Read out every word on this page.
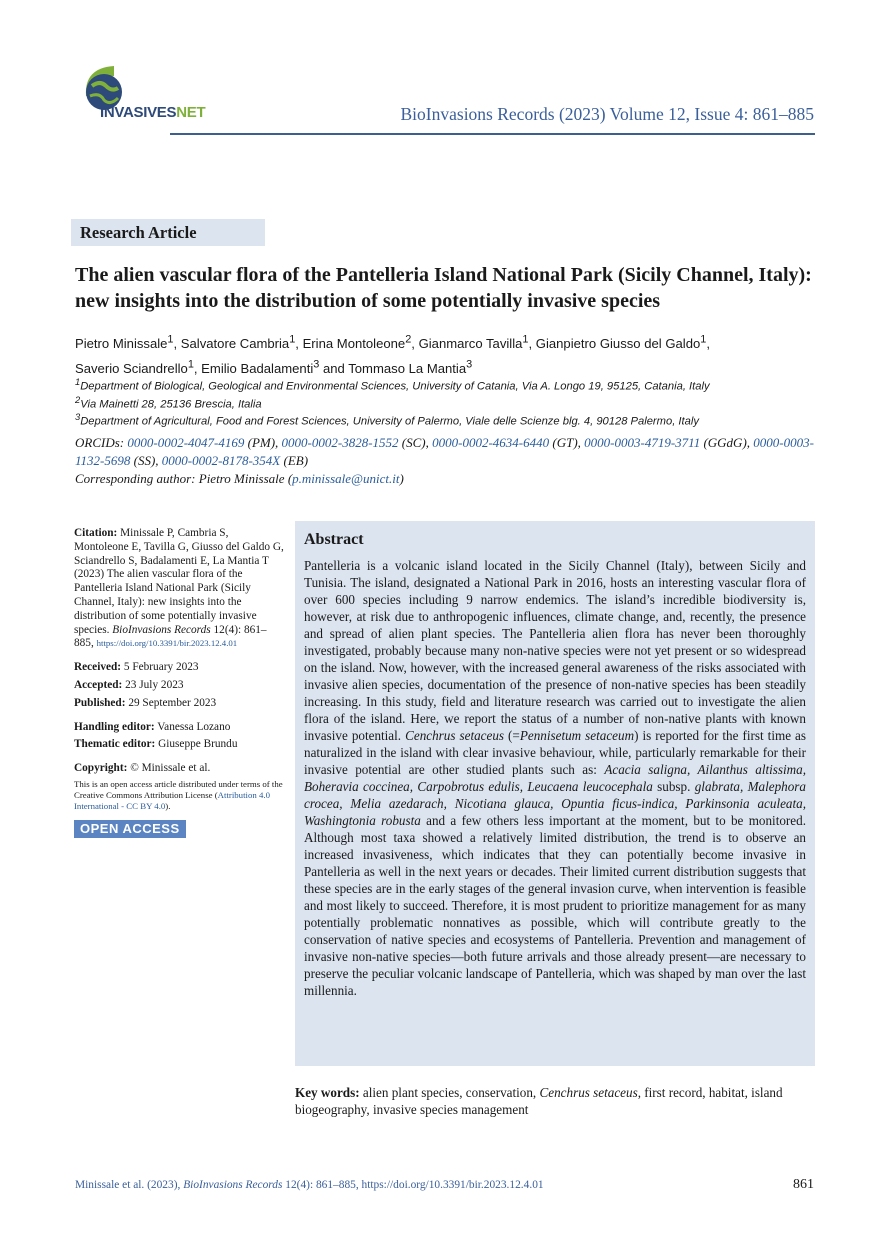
INVASIVESNET	BioInvasions Records (2023) Volume 12, Issue 4: 861–885
Research Article
The alien vascular flora of the Pantelleria Island National Park (Sicily Channel, Italy): new insights into the distribution of some potentially invasive species
Pietro Minissale$^1$, Salvatore Cambria$^1$, Erina Montoleone$^2$, Gianmarco Tavilla$^1$, Gianpietro Giusso del Galdo$^1$,
Saverio Sciandrello$^1$, Emilio Badalamenti$^3$ and Tommaso La Mantia$^3$
$^1$Department of Biological, Geological and Environmental Sciences, University of Catania, Via A. Longo 19, 95125, Catania, Italy
$^2$Via Mainetti 28, 25136 Brescia, Italia
$^3$Department of Agricultural, Food and Forest Sciences, University of Palermo, Viale delle Scienze blg. 4, 90128 Palermo, Italy
ORCIDs: 0000-0002-4047-4169 (PM), 0000-0002-3828-1552 (SC), 0000-0002-4634-6440 (GT), 0000-0003-4719-3711 (GGdG), 0000-0003-1132-5698 (SS), 0000-0002-8178-354X (EB)
Corresponding author: Pietro Minissale (p.minissale@unict.it)
Citation: Minissale P, Cambria S, Montoleone E, Tavilla G, Giusso del Galdo G, Sciandrello S, Badalamenti E, La Mantia T (2023) The alien vascular flora of the Pantelleria Island National Park (Sicily Channel, Italy): new insights into the distribution of some potentially invasive species. BioInvasions Records 12(4): 861–885, https://doi.org/10.3391/bir.2023.12.4.01
Received: 5 February 2023
Accepted: 23 July 2023
Published: 29 September 2023
Handling editor: Vanessa Lozano
Thematic editor: Giuseppe Brundu
Copyright: © Minissale et al.
This is an open access article distributed under terms of the Creative Commons Attribution License (Attribution 4.0 International - CC BY 4.0).
OPEN ACCESS

Abstract

Pantelleria is a volcanic island located in the Sicily Channel (Italy), between Sicily and Tunisia. The island, designated a National Park in 2016, hosts an interesting vascular flora of over 600 species including 9 narrow endemics. The island’s incredible biodiversity is, however, at risk due to anthropogenic influences, climate change, and, recently, the presence and spread of alien plant species. The Pantelleria alien flora has never been thoroughly investigated, probably because many non-native species were not yet present or so widespread on the island. Now, however, with the increased general awareness of the risks associated with invasive alien species, documentation of the presence of non-native species has been steadily increasing. In this study, field and literature research was carried out to investigate the alien flora of the island. Here, we report the status of a number of non-native plants with known invasive potential. Cenchrus setaceus (=Pennisetum setaceum) is reported for the first time as naturalized in the island with clear invasive behaviour, while, particularly remarkable for their invasive potential are other studied plants such as: Acacia saligna, Ailanthus altissima, Boheravia coccinea, Carpobrotus edulis, Leucaena leucocephala subsp. glabrata, Malephora crocea, Melia azedarach, Nicotiana glauca, Opuntia ficus-indica, Parkinsonia aculeata, Washingtonia robusta and a few others less important at the moment, but to be monitored. Although most taxa showed a relatively limited distribution, the trend is to observe an increased invasiveness, which indicates that they can potentially become invasive in Pantelleria as well in the next years or decades. Their limited current distribution suggests that these species are in the early stages of the general invasion curve, when intervention is feasible and most likely to succeed. Therefore, it is most prudent to prioritize management for as many potentially problematic nonnatives as possible, which will contribute greatly to the conservation of native species and ecosystems of Pantelleria. Prevention and management of invasive non-native species—both future arrivals and those already present—are necessary to preserve the peculiar volcanic landscape of Pantelleria, which was shaped by man over the last millennia.

Key words: alien plant species, conservation, Cenchrus setaceus, first record, habitat, island biogeography, invasive species management
Minissale et al. (2023), BioInvasions Records 12(4): 861–885, https://doi.org/10.3391/bir.2023.12.4.01	861
